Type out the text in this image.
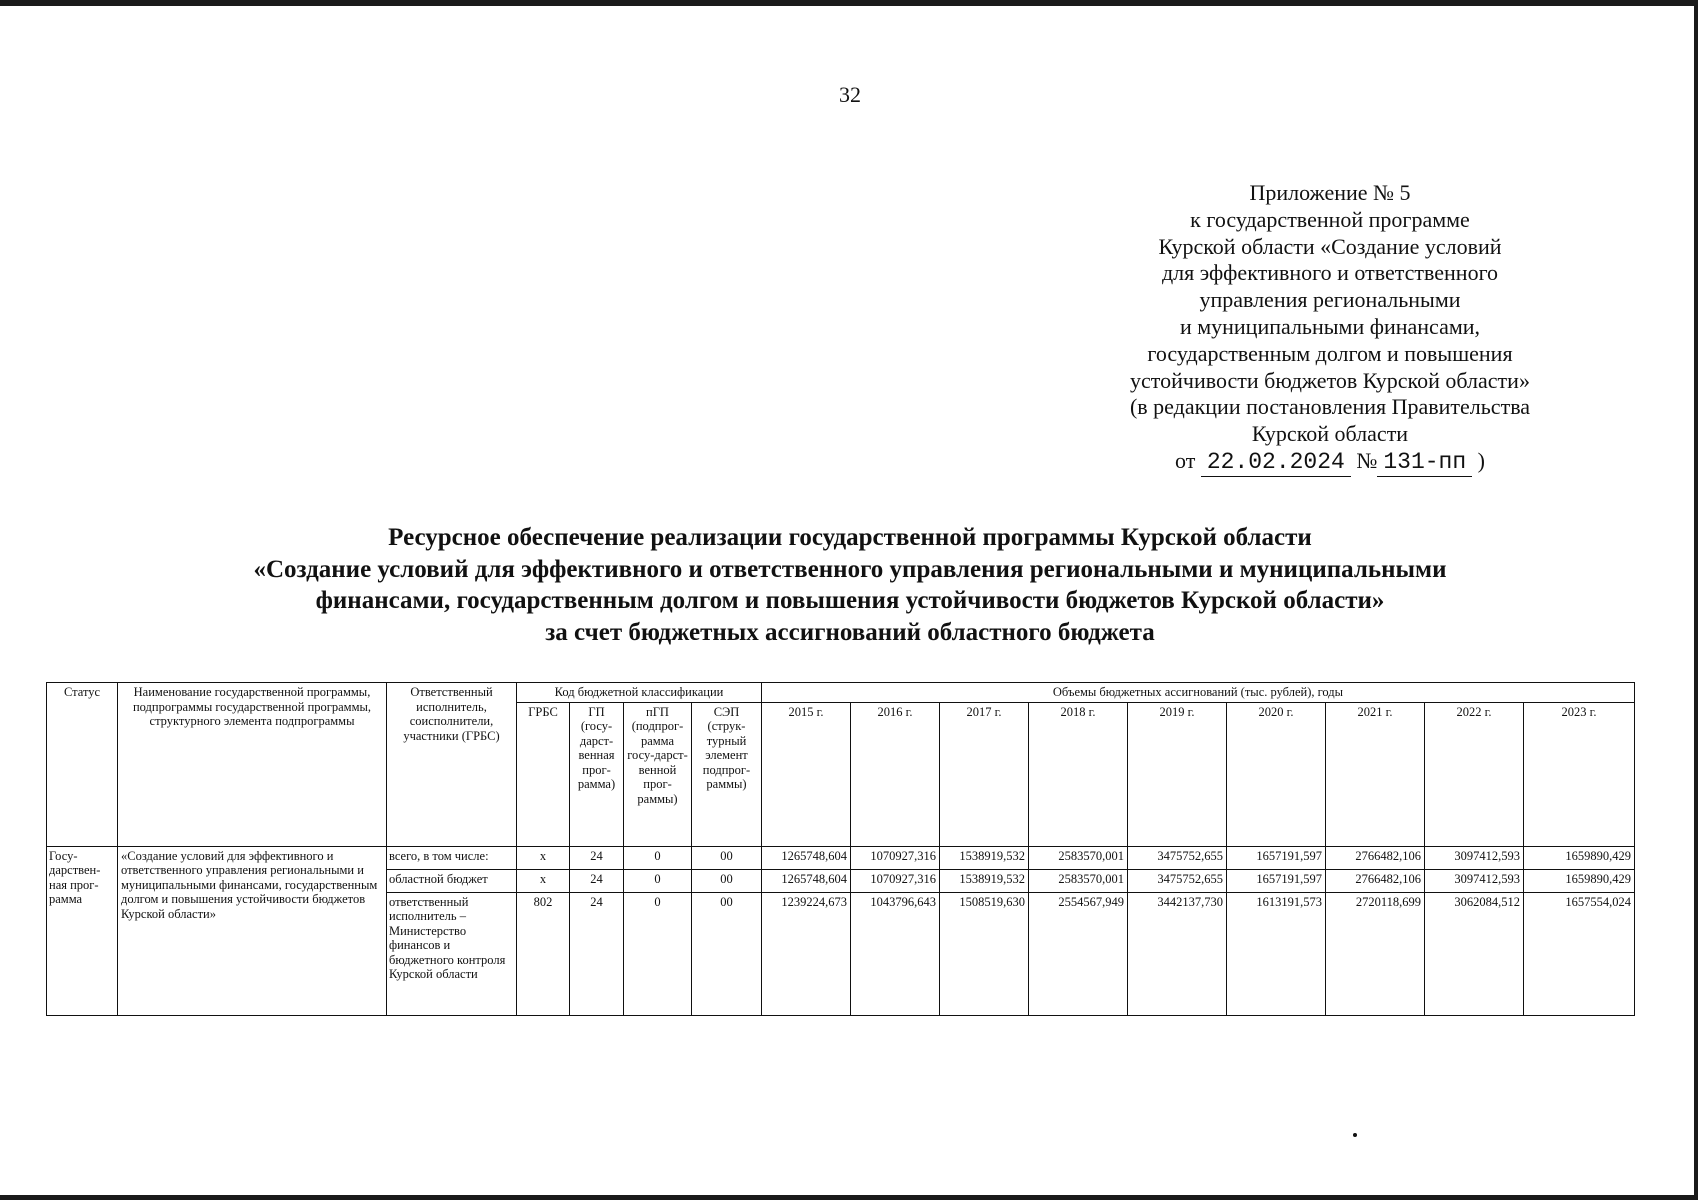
32
Приложение № 5
к государственной программе
Курской области «Создание условий
для эффективного и ответственного
управления региональными
и муниципальными финансами,
государственным долгом и повышения
устойчивости бюджетов Курской области»
(в редакции постановления Правительства
Курской области
от 22.02.2024 № 131-пп )
Ресурсное обеспечение реализации государственной программы Курской области
«Создание условий для эффективного и ответственного управления региональными и муниципальными
финансами, государственным долгом и повышения устойчивости бюджетов Курской области»
за счет бюджетных ассигнований областного бюджета
Статус	Наименование государственной программы, подпрограммы государственной программы, структурного элемента подпрограммы	Ответственный исполнитель, соисполнители, участники (ГРБС)	Код бюджетной классификации				Объемы бюджетных ассигнований (тыс. рублей), годы								
			ГРБС	ГП (госу-дарст-венная прог-рамма)	пГП (подпрог-рамма госу-дарст-венной прог-раммы)	СЭП (струк-турный элемент подпрог-раммы)	2015 г.	2016 г.	2017 г.	2018 г.	2019 г.	2020 г.	2021 г.	2022 г.	2023 г.
Госу-дарствен-ная прог-рамма	«Создание условий для эффективного и ответственного управления региональными и муниципальными финансами, государственным долгом и повышения устойчивости бюджетов Курской области»	всего, в том числе:	x	24	0	00	1265748,604	1070927,316	1538919,532	2583570,001	3475752,655	1657191,597	2766482,106	3097412,593	1659890,429
		областной бюджет	x	24	0	00	1265748,604	1070927,316	1538919,532	2583570,001	3475752,655	1657191,597	2766482,106	3097412,593	1659890,429
		ответственный исполнитель – Министерство финансов и бюджетного контроля Курской области	802	24	0	00	1239224,673	1043796,643	1508519,630	2554567,949	3442137,730	1613191,573	2720118,699	3062084,512	1657554,024
